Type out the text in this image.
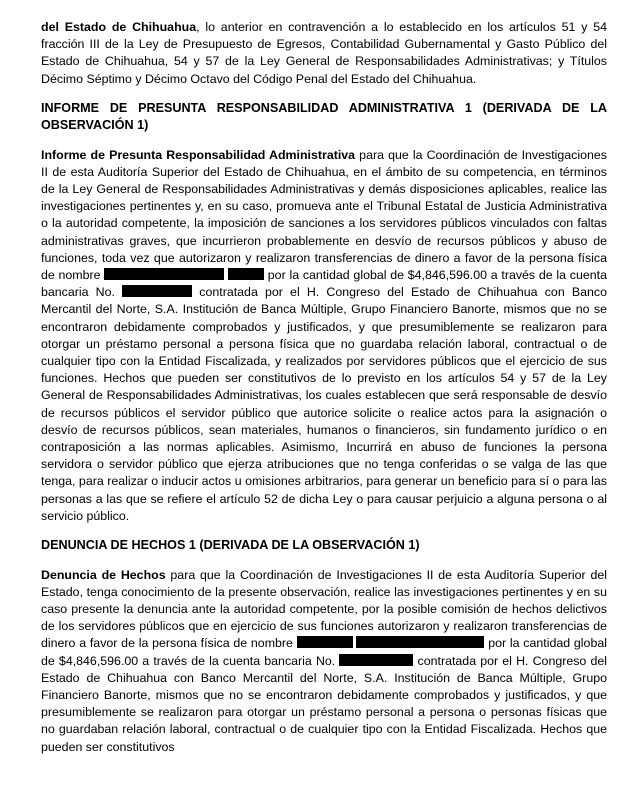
del Estado de Chihuahua, lo anterior en contravención a lo establecido en los artículos 51 y 54 fracción III de la Ley de Presupuesto de Egresos, Contabilidad Gubernamental y Gasto Público del Estado de Chihuahua, 54 y 57 de la Ley General de Responsabilidades Administrativas; y Títulos Décimo Séptimo y Décimo Octavo del Código Penal del Estado del Chihuahua.

INFORME DE PRESUNTA RESPONSABILIDAD ADMINISTRATIVA 1 (DERIVADA DE LA OBSERVACIÓN 1)

Informe de Presunta Responsabilidad Administrativa para que la Coordinación de Investigaciones II de esta Auditoría Superior del Estado de Chihuahua, en el ámbito de su competencia, en términos de la Ley General de Responsabilidades Administrativas y demás disposiciones aplicables, realice las investigaciones pertinentes y, en su caso, promueva ante el Tribunal Estatal de Justicia Administrativa o la autoridad competente, la imposición de sanciones a los servidores públicos vinculados con faltas administrativas graves, que incurrieron probablemente en desvío de recursos públicos y abuso de funciones, toda vez que autorizaron y realizaron transferencias de dinero a favor de la persona física de nombre	por la cantidad global de $4,846,596.00 a través de la cuenta bancaria No.	contratada por el H. Congreso del Estado de Chihuahua con Banco Mercantil del Norte, S.A. Institución de Banca Múltiple, Grupo Financiero Banorte, mismos que no se encontraron debidamente comprobados y justificados, y que presumiblemente se realizaron para otorgar un préstamo personal a persona física que no guardaba relación laboral, contractual o de cualquier tipo con la Entidad Fiscalizada, y realizados por servidores públicos que el ejercicio de sus funciones. Hechos que pueden ser constitutivos de lo previsto en los artículos 54 y 57 de la Ley General de Responsabilidades Administrativas, los cuales establecen que será responsable de desvío de recursos públicos el servidor público que autorice solicite o realice actos para la asignación o desvío de recursos públicos, sean materiales, humanos o financieros, sin fundamento jurídico o en contraposición a las normas aplicables. Asimismo, Incurrirá en abuso de funciones la persona servidora o servidor público que ejerza atribuciones que no tenga conferidas o se valga de las que tenga, para realizar o inducir actos u omisiones arbitrarios, para generar un beneficio para sí o para las personas a las que se refiere el artículo 52 de dicha Ley o para causar perjuicio a alguna persona o al servicio público.

DENUNCIA DE HECHOS 1 (DERIVADA DE LA OBSERVACIÓN 1)

Denuncia de Hechos para que la Coordinación de Investigaciones II de esta Auditoría Superior del Estado, tenga conocimiento de la presente observación, realice las investigaciones pertinentes y en su caso presente la denuncia ante la autoridad competente, por la posible comisión de hechos delictivos de los servidores públicos que en ejercicio de sus funciones autorizaron y realizaron transferencias de dinero a favor de la persona física de nombre	por la cantidad global de $4,846,596.00 a través de la cuenta bancaria No.	contratada por el H. Congreso del Estado de Chihuahua con Banco Mercantil del Norte, S.A. Institución de Banca Múltiple, Grupo Financiero Banorte, mismos que no se encontraron debidamente comprobados y justificados, y que presumiblemente se realizaron para otorgar un préstamo personal a persona o personas físicas que no guardaban relación laboral, contractual o de cualquier tipo con la Entidad Fiscalizada. Hechos que pueden ser constitutivos
